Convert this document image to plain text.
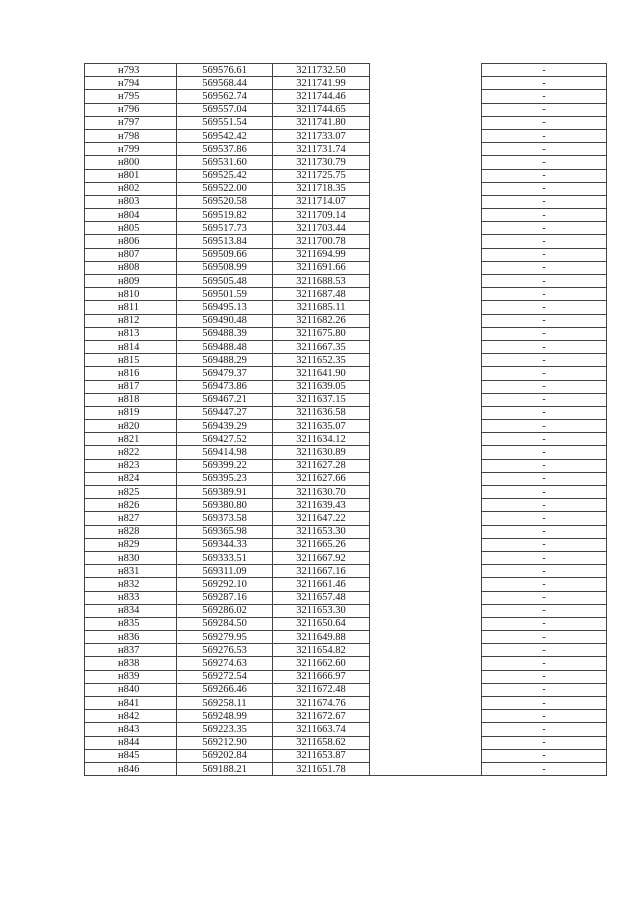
н793	569576.61	3211732.50		-	
н794	569568.44	3211741.99		-	
н795	569562.74	3211744.46		-	
н796	569557.04	3211744.65		-	
н797	569551.54	3211741.80		-	
н798	569542.42	3211733.07		-	
н799	569537.86	3211731.74		-	
н800	569531.60	3211730.79		-	
н801	569525.42	3211725.75		-	
н802	569522.00	3211718.35		-	
н803	569520.58	3211714.07		-	
н804	569519.82	3211709.14		-	
н805	569517.73	3211703.44		-	
н806	569513.84	3211700.78		-	
н807	569509.66	3211694.99		-	
н808	569508.99	3211691.66		-	
н809	569505.48	3211688.53		-	
н810	569501.59	3211687.48		-	
н811	569495.13	3211685.11		-	
н812	569490.48	3211682.26		-	
н813	569488.39	3211675.80		-	
н814	569488.48	3211667.35		-	
н815	569488.29	3211652.35		-	
н816	569479.37	3211641.90		-	
н817	569473.86	3211639.05		-	
н818	569467.21	3211637.15		-	
н819	569447.27	3211636.58		-	
н820	569439.29	3211635.07		-	
н821	569427.52	3211634.12		-	
н822	569414.98	3211630.89		-	
н823	569399.22	3211627.28		-	
н824	569395.23	3211627.66		-	
н825	569389.91	3211630.70		-	
н826	569380.80	3211639.43		-	
н827	569373.58	3211647.22		-	
н828	569365.98	3211653.30		-	
н829	569344.33	3211665.26		-	
н830	569333.51	3211667.92		-	
н831	569311.09	3211667.16		-	
н832	569292.10	3211661.46		-	
н833	569287.16	3211657.48		-	
н834	569286.02	3211653.30		-	
н835	569284.50	3211650.64		-	
н836	569279.95	3211649.88		-	
н837	569276.53	3211654.82		-	
н838	569274.63	3211662.60		-	
н839	569272.54	3211666.97		-	
н840	569266.46	3211672.48		-	
н841	569258.11	3211674.76		-	
н842	569248.99	3211672.67		-	
н843	569223.35	3211663.74		-	
н844	569212.90	3211658.62		-	
н845	569202.84	3211653.87		-	
н846	569188.21	3211651.78		-	
